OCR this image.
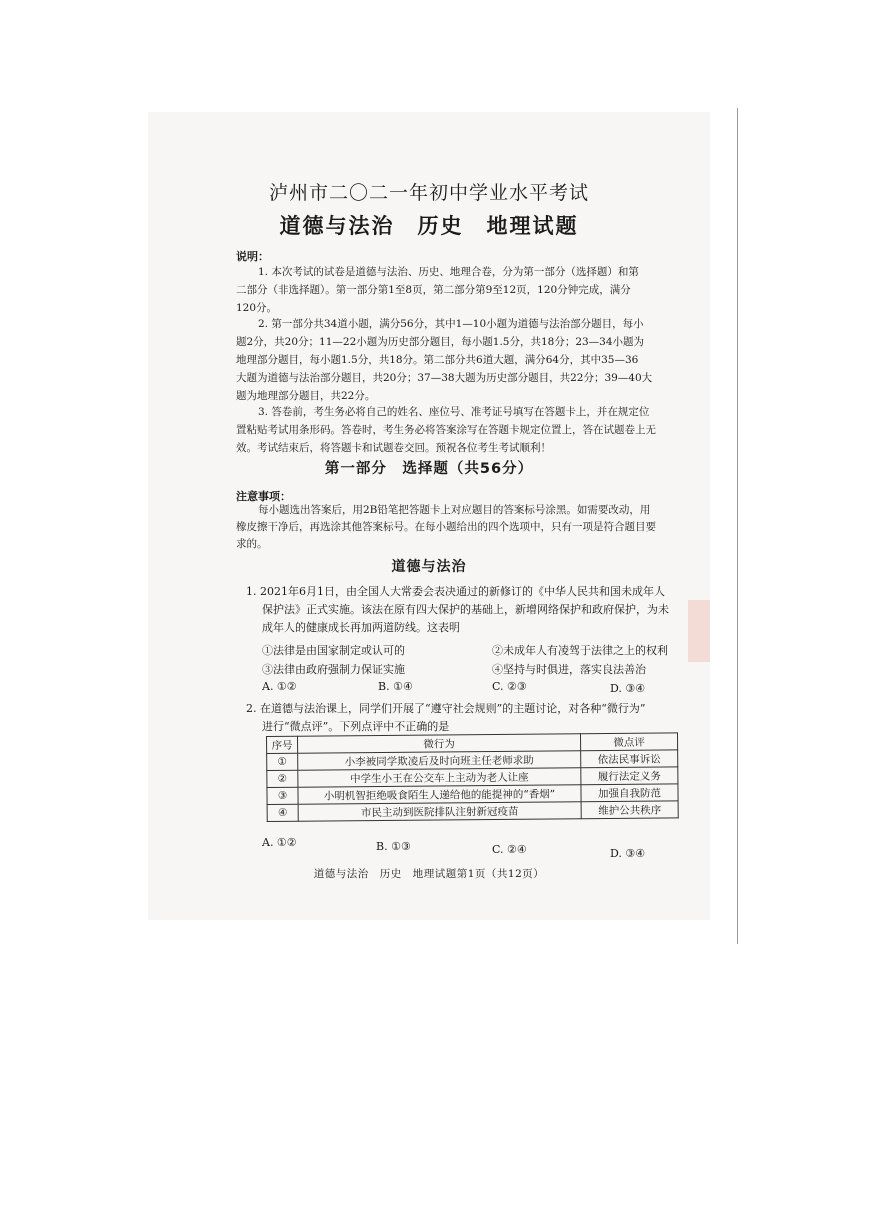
泸州市二〇二一年初中学业水平考试
道德与法治　历史　地理试题
说明：
1. 本次考试的试卷是道德与法治、历史、地理合卷，分为第一部分（选择题）和第
二部分（非选择题）。第一部分第1至8页，第二部分第9至12页，120分钟完成，满分
120分。
2. 第一部分共34道小题，满分56分，其中1—10小题为道德与法治部分题目，每小
题2分，共20分；11—22小题为历史部分题目，每小题1.5分，共18分；23—34小题为
地理部分题目，每小题1.5分，共18分。第二部分共6道大题，满分64分，其中35—36
大题为道德与法治部分题目，共20分；37—38大题为历史部分题目，共22分；39—40大
题为地理部分题目，共22分。
3. 答卷前，考生务必将自己的姓名、座位号、准考证号填写在答题卡上，并在规定位
置粘贴考试用条形码。答卷时，考生务必将答案涂写在答题卡规定位置上，答在试题卷上无
效。考试结束后，将答题卡和试题卷交回。预祝各位考生考试顺利！
第一部分　选择题（共56分）
注意事项：
每小题选出答案后，用2B铅笔把答题卡上对应题目的答案标号涂黑。如需要改动，用
橡皮擦干净后，再选涂其他答案标号。在每小题给出的四个选项中，只有一项是符合题目要
求的。
道德与法治
1. 2021年6月1日，由全国人大常委会表决通过的新修订的《中华人民共和国未成年人
保护法》正式实施。该法在原有四大保护的基础上，新增网络保护和政府保护，为未
成年人的健康成长再加两道防线。这表明
①法律是由国家制定或认可的	②未成年人有凌驾于法律之上的权利
③法律由政府强制力保证实施	④坚持与时俱进，落实良法善治
A. ①②	B. ①④	C. ②③	D. ③④
2. 在道德与法治课上，同学们开展了“遵守社会规则”的主题讨论，对各种“微行为”
进行“微点评”。下列点评中不正确的是
序号	微行为	微点评
①	小李被同学欺凌后及时向班主任老师求助	依法民事诉讼
②	中学生小王在公交车上主动为老人让座	履行法定义务
③	小明机智拒绝吸食陌生人递给他的能提神的“香烟”	加强自我防范
④	市民主动到医院排队注射新冠疫苗	维护公共秩序
A. ①②	B. ①③	C. ②④	D. ③④
道德与法治　历史　地理试题第1页（共12页）
